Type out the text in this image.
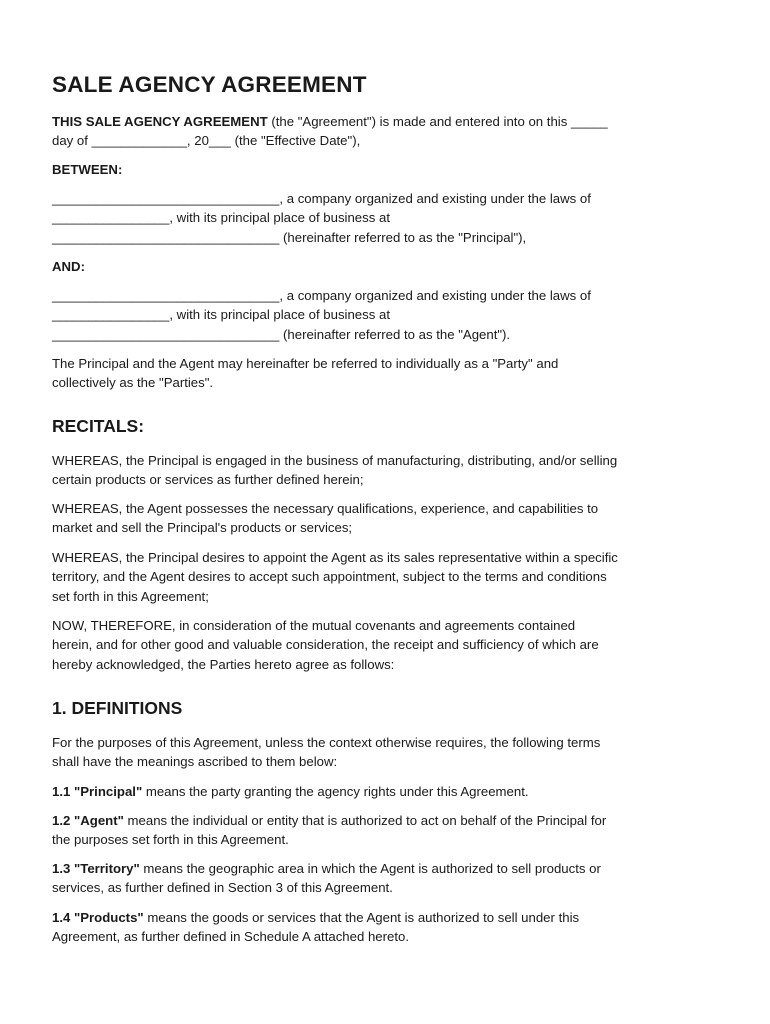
SALE AGENCY AGREEMENT
THIS SALE AGENCY AGREEMENT (the "Agreement") is made and entered into on this _____
day of _____________, 20___ (the "Effective Date"),
BETWEEN:
_______________________________, a company organized and existing under the laws of
________________, with its principal place of business at
_______________________________ (hereinafter referred to as the "Principal"),
AND:
_______________________________, a company organized and existing under the laws of
________________, with its principal place of business at
_______________________________ (hereinafter referred to as the "Agent").
The Principal and the Agent may hereinafter be referred to individually as a "Party" and
collectively as the "Parties".
RECITALS:
WHEREAS, the Principal is engaged in the business of manufacturing, distributing, and/or selling
certain products or services as further defined herein;
WHEREAS, the Agent possesses the necessary qualifications, experience, and capabilities to
market and sell the Principal's products or services;
WHEREAS, the Principal desires to appoint the Agent as its sales representative within a specific
territory, and the Agent desires to accept such appointment, subject to the terms and conditions
set forth in this Agreement;
NOW, THEREFORE, in consideration of the mutual covenants and agreements contained
herein, and for other good and valuable consideration, the receipt and sufficiency of which are
hereby acknowledged, the Parties hereto agree as follows:
1. DEFINITIONS
For the purposes of this Agreement, unless the context otherwise requires, the following terms
shall have the meanings ascribed to them below:
1.1 "Principal" means the party granting the agency rights under this Agreement.
1.2 "Agent" means the individual or entity that is authorized to act on behalf of the Principal for
the purposes set forth in this Agreement.
1.3 "Territory" means the geographic area in which the Agent is authorized to sell products or
services, as further defined in Section 3 of this Agreement.
1.4 "Products" means the goods or services that the Agent is authorized to sell under this
Agreement, as further defined in Schedule A attached hereto.
